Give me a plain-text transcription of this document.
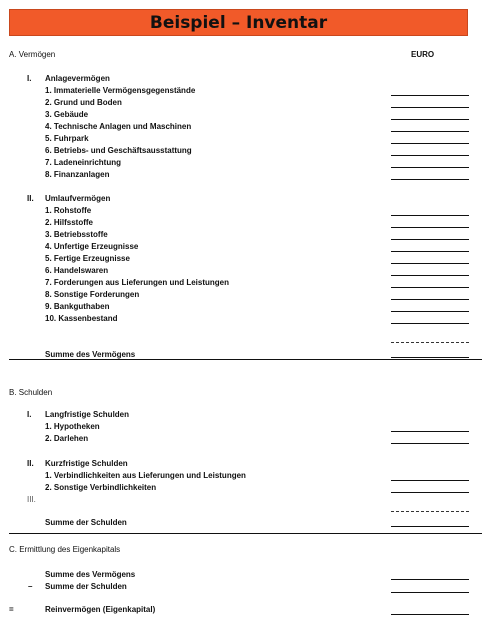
Beispiel – Inventar
A. Vermögen	EURO
I. Anlagevermögen
1. Immaterielle Vermögensgegenstände
2. Grund und Boden
3. Gebäude
4. Technische Anlagen und Maschinen
5. Fuhrpark
6. Betriebs- und Geschäftsausstattung
7. Ladeneinrichtung
8. Finanzanlagen
II. Umlaufvermögen
1. Rohstoffe
2. Hilfsstoffe
3. Betriebsstoffe
4. Unfertige Erzeugnisse
5. Fertige Erzeugnisse
6. Handelswaren
7. Forderungen aus Lieferungen und Leistungen
8. Sonstige Forderungen
9. Bankguthaben
10. Kassenbestand
Summe des Vermögens
B. Schulden
I. Langfristige Schulden
1. Hypotheken
2. Darlehen
II. Kurzfristige Schulden
1. Verbindlichkeiten aus Lieferungen und Leistungen
2. Sonstige Verbindlichkeiten
III.
Summe der Schulden
C. Ermittlung des Eigenkapitals
Summe des Vermögens
– Summe der Schulden
=	Reinvermögen (Eigenkapital)
